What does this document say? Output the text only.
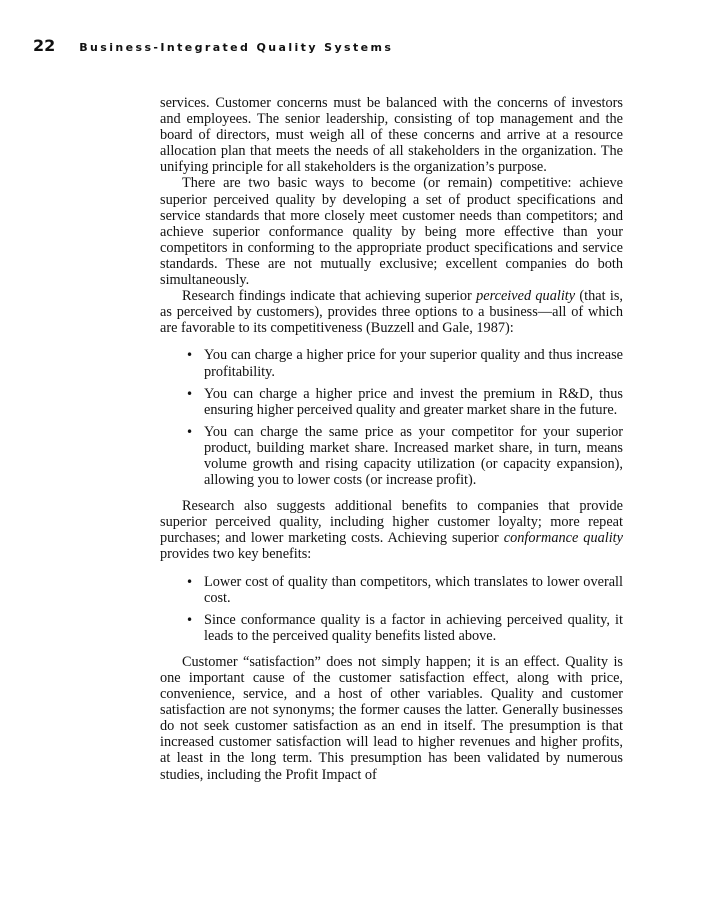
22 Business-Integrated Quality Systems

services. Customer concerns must be balanced with the concerns of investors and employees. The senior leadership, consisting of top management and the board of directors, must weigh all of these concerns and arrive at a resource allocation plan that meets the needs of all stakeholders in the organization. The unifying principle for all stakeholders is the organization’s purpose.

There are two basic ways to become (or remain) competitive: achieve superior perceived quality by developing a set of product specifications and service standards that more closely meet customer needs than competitors; and achieve superior conformance quality by being more effective than your competitors in conforming to the appropriate product specifications and service standards. These are not mutually exclusive; excellent companies do both simultaneously.

Research findings indicate that achieving superior perceived quality (that is, as perceived by customers), provides three options to a business—all of which are favorable to its competitiveness (Buzzell and Gale, 1987):

• You can charge a higher price for your superior quality and thus increase profitability.
• You can charge a higher price and invest the premium in R&D, thus ensuring higher perceived quality and greater market share in the future.
• You can charge the same price as your competitor for your superior product, building market share. Increased market share, in turn, means volume growth and rising capacity utilization (or capacity expansion), allowing you to lower costs (or increase profit).

Research also suggests additional benefits to companies that provide superior perceived quality, including higher customer loyalty; more repeat purchases; and lower marketing costs. Achieving superior conformance quality provides two key benefits:

• Lower cost of quality than competitors, which translates to lower overall cost.
• Since conformance quality is a factor in achieving perceived quality, it leads to the perceived quality benefits listed above.

Customer “satisfaction” does not simply happen; it is an effect. Quality is one important cause of the customer satisfaction effect, along with price, convenience, service, and a host of other variables. Quality and customer satisfaction are not synonyms; the former causes the latter. Generally businesses do not seek customer satisfaction as an end in itself. The presumption is that increased customer satisfaction will lead to higher revenues and higher profits, at least in the long term. This presumption has been validated by numerous studies, including the Profit Impact of
